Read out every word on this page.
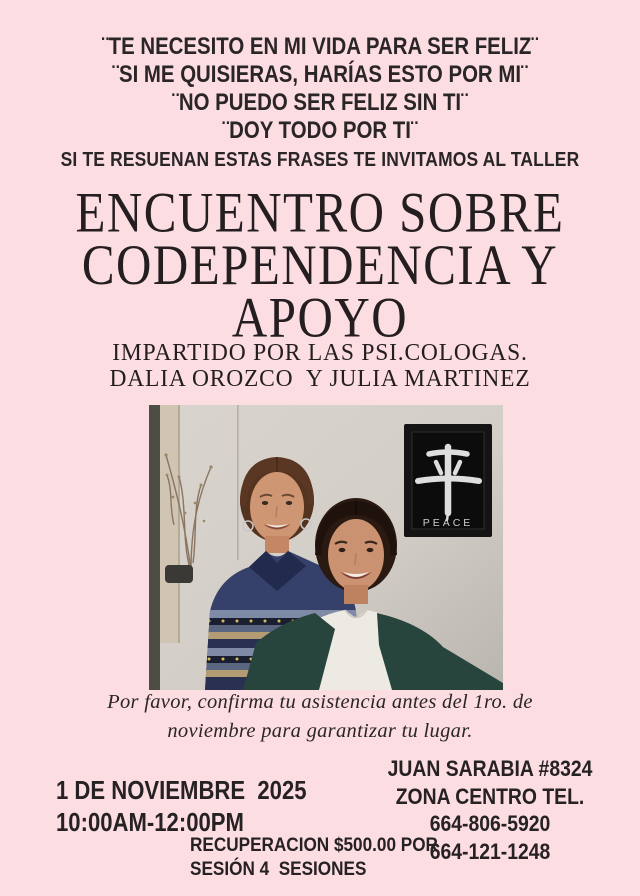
¨TE NECESITO EN MI VIDA PARA SER FELIZ¨
¨SI ME QUISIERAS, HARÍAS ESTO POR MI¨
¨NO PUEDO SER FELIZ SIN TI¨
¨DOY TODO POR TI¨
SI TE RESUENAN ESTAS FRASES TE INVITAMOS AL TALLER
ENCUENTRO SOBRE
CODEPENDENCIA Y
APOYO
IMPARTIDO POR LAS PSI.COLOGAS.
DALIA OROZCO  Y JULIA MARTINEZ
PEACE
Por favor, confirma tu asistencia antes del 1ro. de
noviembre para garantizar tu lugar.
1 DE NOVIEMBRE  2025
10:00AM-12:00PM
JUAN SARABIA #8324
ZONA CENTRO TEL.
664-806-5920
664-121-1248
RECUPERACION $500.00 POR
SESIÓN 4  SESIONES
